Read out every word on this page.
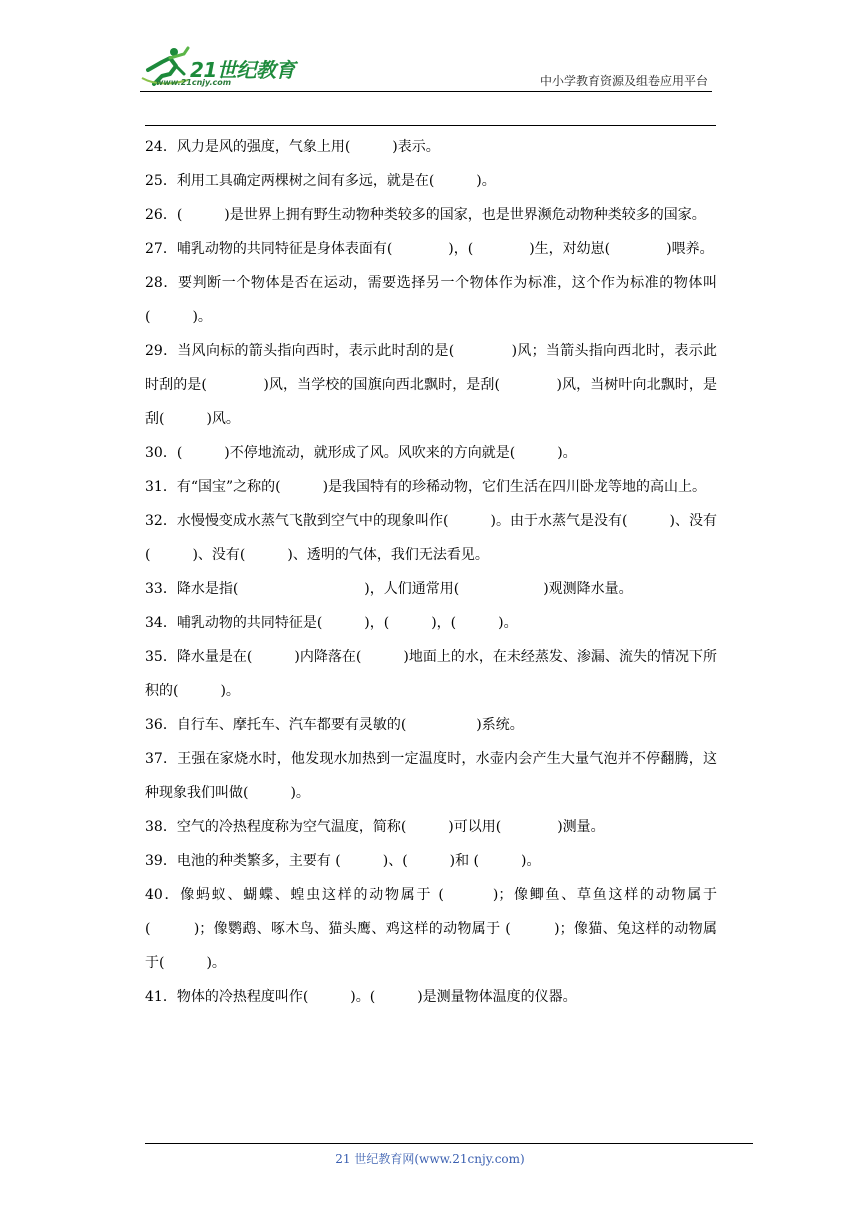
21世纪教育
www.21cnjy.com	中小学教育资源及组卷应用平台

24．风力是风的强度，气象上用(　　　)表示。

25．利用工具确定两棵树之间有多远，就是在(　　　)。

26．(　　　)是世界上拥有野生动物种类较多的国家，也是世界濒危动物种类较多的国家。

27．哺乳动物的共同特征是身体表面有(　　　　)，(　　　　)生，对幼崽(　　　　)喂养。

28．要判断一个物体是否在运动，需要选择另一个物体作为标准，这个作为标准的物体叫(　　　)。

29．当风向标的箭头指向西时，表示此时刮的是(　　　　)风；当箭头指向西北时，表示此时刮的是(　　　　)风，当学校的国旗向西北飘时，是刮(　　　　)风，当树叶向北飘时，是刮(　　　)风。

30．(　　　)不停地流动，就形成了风。风吹来的方向就是(　　　)。

31．有“国宝”之称的(　　　)是我国特有的珍稀动物，它们生活在四川卧龙等地的高山上。

32．水慢慢变成水蒸气飞散到空气中的现象叫作(　　　)。由于水蒸气是没有(　　　)、没有(　　　)、没有(　　　)、透明的气体，我们无法看见。

33．降水是指(　　　　　　　　　)，人们通常用(　　　　　　)观测降水量。

34．哺乳动物的共同特征是(　　　)，(　　　)，(　　　)。

35．降水量是在(　　　)内降落在(　　　)地面上的水，在未经蒸发、渗漏、流失的情况下所积的(　　　)。

36．自行车、摩托车、汽车都要有灵敏的(　　　　　)系统。

37．王强在家烧水时，他发现水加热到一定温度时，水壶内会产生大量气泡并不停翻腾，这种现象我们叫做(　　　)。

38．空气的冷热程度称为空气温度，简称(　　　)可以用(　　　　)测量。

39．电池的种类繁多，主要有 (　　　)、(　　　)和 (　　　)。

40．像蚂蚁、蝴蝶、蝗虫这样的动物属于 (　　　)；像鲫鱼、草鱼这样的动物属于(　　　)；像鹦鹉、啄木鸟、猫头鹰、鸡这样的动物属于 (　　　)；像猫、兔这样的动物属于(　　　)。

41．物体的冷热程度叫作(　　　)。(　　　)是测量物体温度的仪器。

21 世纪教育网(www.21cnjy.com)
